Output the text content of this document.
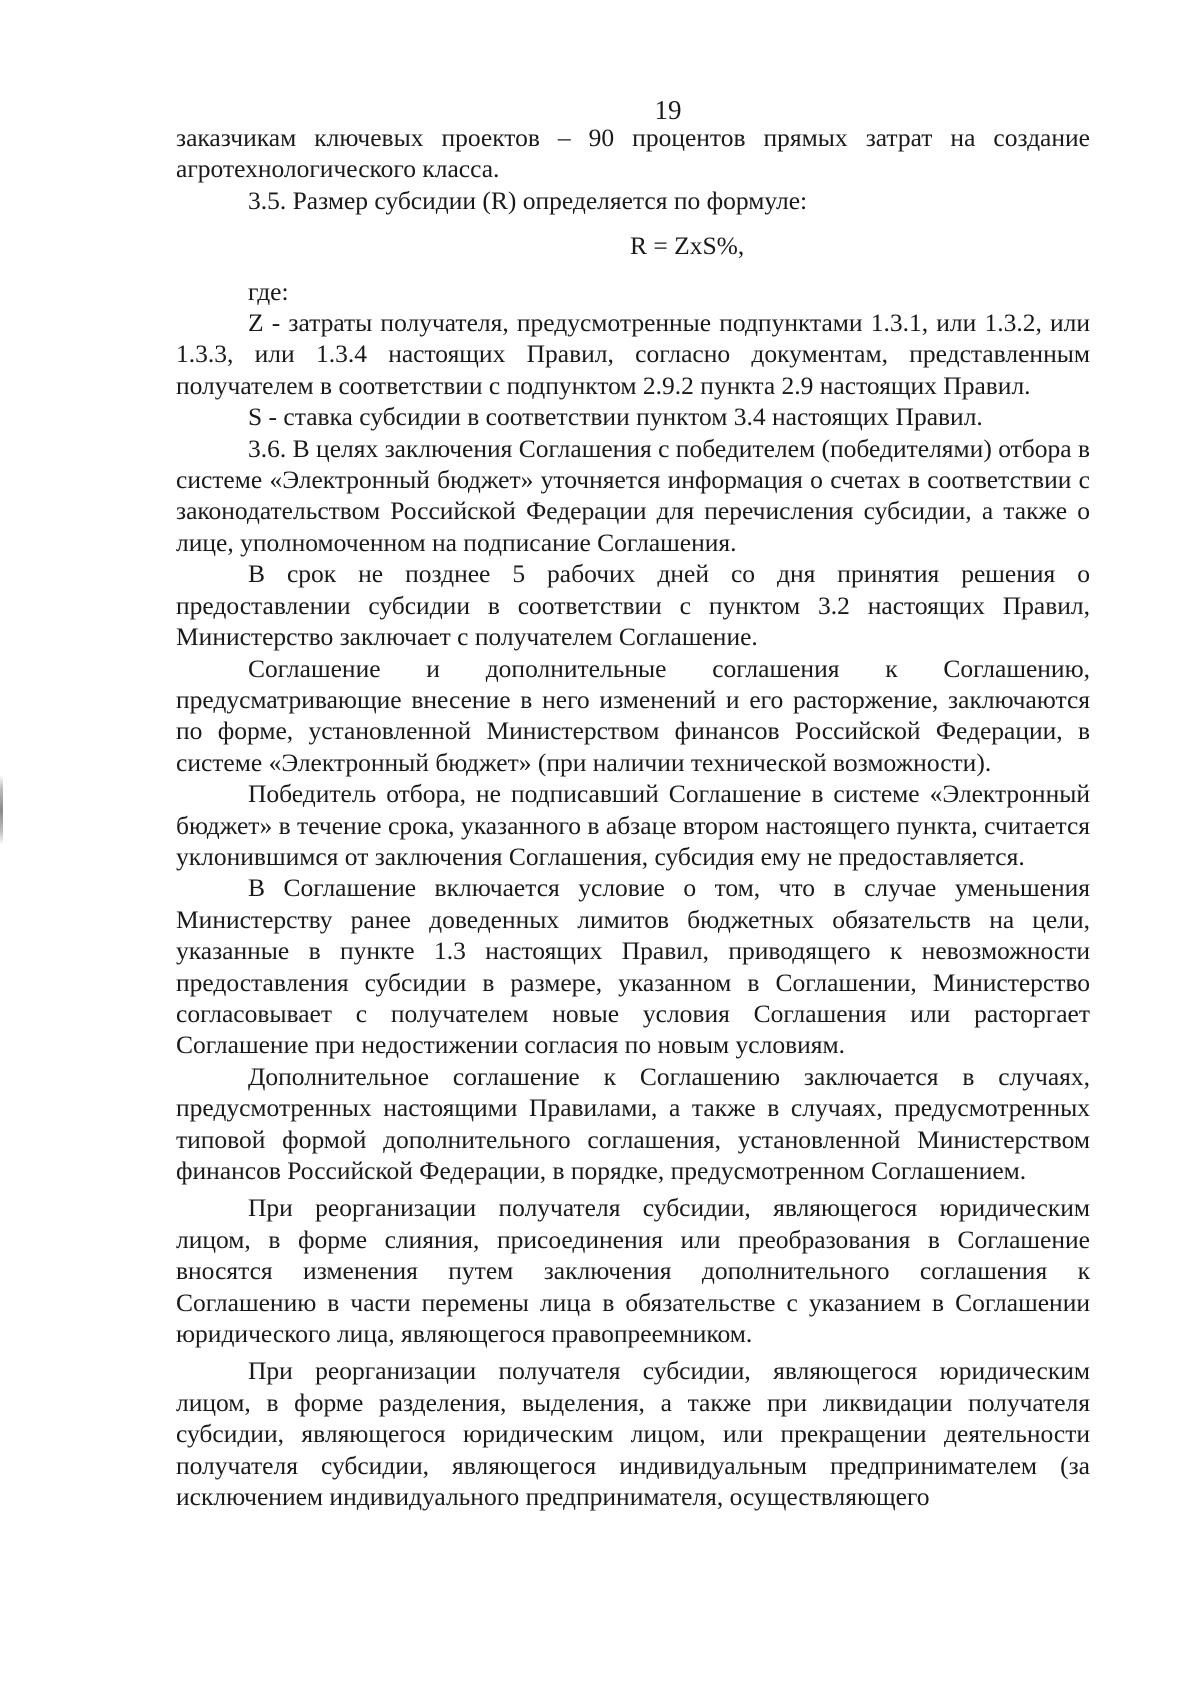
19

заказчикам ключевых проектов – 90 процентов прямых затрат на создание агротехнологического класса.

3.5. Размер субсидии (R) определяется по формуле:

R = ZxS%,

где:

Z - затраты получателя, предусмотренные подпунктами 1.3.1, или 1.3.2, или 1.3.3, или 1.3.4 настоящих Правил, согласно документам, представленным получателем в соответствии с подпунктом 2.9.2 пункта 2.9 настоящих Правил.

S - ставка субсидии в соответствии пунктом 3.4 настоящих Правил.

3.6. В целях заключения Соглашения с победителем (победителями) отбора в системе «Электронный бюджет» уточняется информация о счетах в соответствии с законодательством Российской Федерации для перечисления субсидии, а также о лице, уполномоченном на подписание Соглашения.

В срок не позднее 5 рабочих дней со дня принятия решения о предоставлении субсидии в соответствии с пунктом 3.2 настоящих Правил, Министерство заключает с получателем Соглашение.

Соглашение и дополнительные соглашения к Соглашению, предусматривающие внесение в него изменений и его расторжение, заключаются по форме, установленной Министерством финансов Российской Федерации, в системе «Электронный бюджет» (при наличии технической возможности).

Победитель отбора, не подписавший Соглашение в системе «Электронный бюджет» в течение срока, указанного в абзаце втором настоящего пункта, считается уклонившимся от заключения Соглашения, субсидия ему не предоставляется.

В Соглашение включается условие о том, что в случае уменьшения Министерству ранее доведенных лимитов бюджетных обязательств на цели, указанные в пункте 1.3 настоящих Правил, приводящего к невозможности предоставления субсидии в размере, указанном в Соглашении, Министерство согласовывает с получателем новые условия Соглашения или расторгает Соглашение при недостижении согласия по новым условиям.

Дополнительное соглашение к Соглашению заключается в случаях, предусмотренных настоящими Правилами, а также в случаях, предусмотренных типовой формой дополнительного соглашения, установленной Министерством финансов Российской Федерации, в порядке, предусмотренном Соглашением.

При реорганизации получателя субсидии, являющегося юридическим лицом, в форме слияния, присоединения или преобразования в Соглашение вносятся изменения путем заключения дополнительного соглашения к Соглашению в части перемены лица в обязательстве с указанием в Соглашении юридического лица, являющегося правопреемником.

При реорганизации получателя субсидии, являющегося юридическим лицом, в форме разделения, выделения, а также при ликвидации получателя субсидии, являющегося юридическим лицом, или прекращении деятельности получателя субсидии, являющегося индивидуальным предпринимателем (за исключением индивидуального предпринимателя, осуществляющего
